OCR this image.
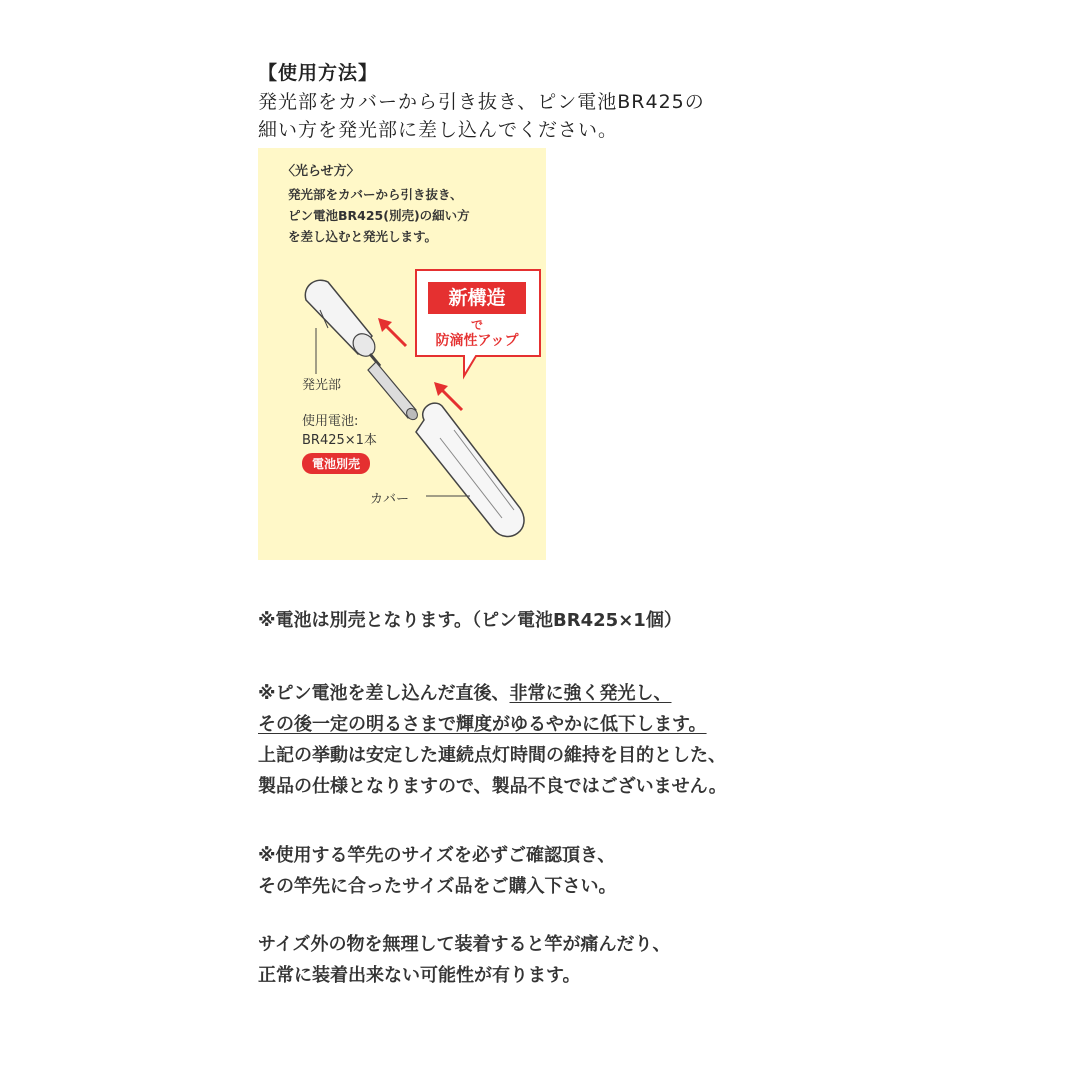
【使用方法】
発光部をカバーから引き抜き、ピン電池BR425の
細い方を発光部に差し込んでください。
〈光らせ方〉
発光部をカバーから引き抜き、
ピン電池BR425(別売)の細い方
を差し込むと発光します。
新構造
で
防滴性アップ
発光部
使用電池:
BR425×1本
電池別売
カバー
※電池は別売となります。（ピン電池BR425×1個）
※ピン電池を差し込んだ直後、非常に強く発光し、
その後一定の明るさまで輝度がゆるやかに低下します。
上記の挙動は安定した連続点灯時間の維持を目的とした、
製品の仕様となりますので、製品不良ではございません。
※使用する竿先のサイズを必ずご確認頂き、
その竿先に合ったサイズ品をご購入下さい。
サイズ外の物を無理して装着すると竿が痛んだり、
正常に装着出来ない可能性が有ります。
